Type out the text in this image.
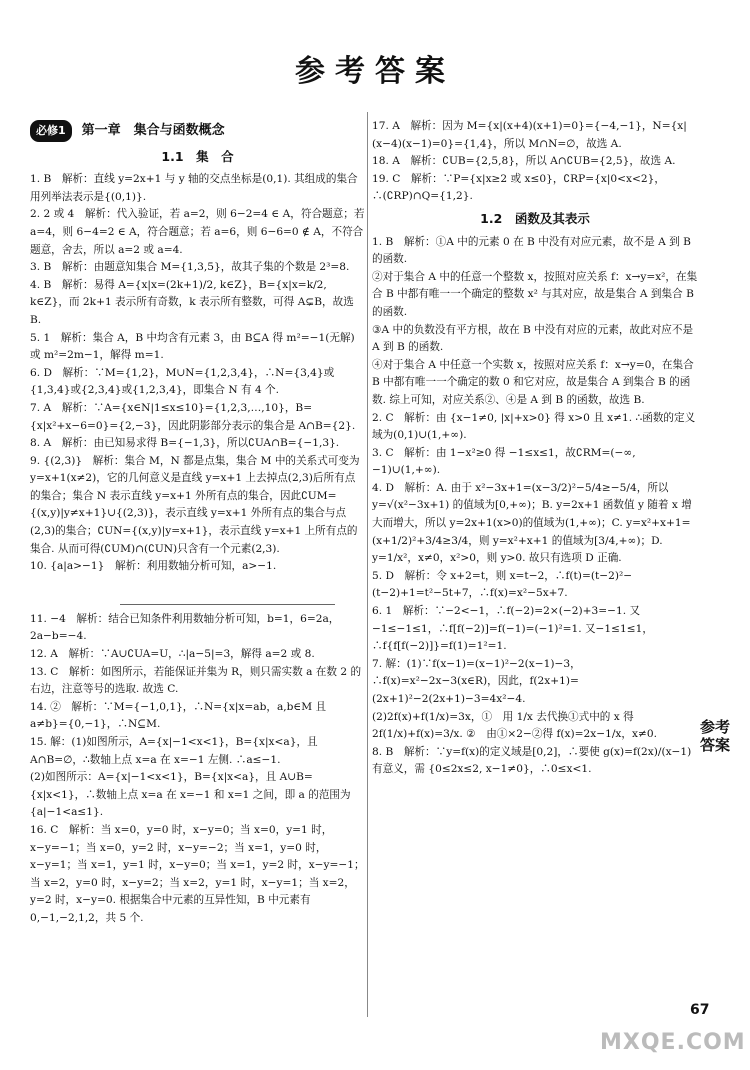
参考答案
必修1	第一章　集合与函数概念
1.1　集　合

1. B　解析：直线 y=2x+1 与 y 轴的交点坐标是(0,1). 其组成的集合用列举法表示是{(0,1)}.

2. 2 或 4　解析：代入验证，若 a=2，则 6−2=4 ∈ A，符合题意；若 a=4，则 6−4=2 ∈ A，符合题意；若 a=6，则 6−6=0 ∉ A，不符合题意，舍去，所以 a=2 或 a=4.

3. B　解析：由题意知集合 M={1,3,5}，故其子集的个数是 2³=8.

4. B　解析：易得 A={x|x=(2k+1)/2, k∈Z}，B={x|x=k/2, k∈Z}，而 2k+1 表示所有奇数，k 表示所有整数，可得 A⊊B，故选 B.

5. 1　解析：集合 A，B 中均含有元素 3，由 B⊆A 得 m²=−1(无解)或 m²=2m−1，解得 m=1.

6. D　解析：∵M={1,2}，M∪N={1,2,3,4}，∴N={3,4}或{1,3,4}或{2,3,4}或{1,2,3,4}，即集合 N 有 4 个.

7. A　解析：∵A={x∈N|1≤x≤10}={1,2,3,…,10}，B={x|x²+x−6=0}={2,−3}，因此阴影部分表示的集合是 A∩B={2}.

8. A　解析：由已知易求得 B={−1,3}，所以∁UA∩B={−1,3}.

9. {(2,3)}　解析：集合 M，N 都是点集，集合 M 中的关系式可变为 y=x+1(x≠2)，它的几何意义是直线 y=x+1 上去掉点(2,3)后所有点的集合；集合 N 表示直线 y=x+1 外所有点的集合，因此∁UM={(x,y)|y≠x+1}∪{(2,3)}，表示直线 y=x+1 外所有点的集合与点(2,3)的集合；∁UN={(x,y)|y=x+1}，表示直线 y=x+1 上所有点的集合. 从而可得(∁UM)∩(∁UN)只含有一个元素(2,3).

10. {a|a>−1}　解析：利用数轴分析可知，a>−1.

11. −4　解析：结合已知条件利用数轴分析可知，b=1，6=2a，2a−b=−4.

12. A　解析：∵A∪∁UA=U，∴|a−5|=3，解得 a=2 或 8.

13. C　解析：如图所示，若能保证并集为 R，则只需实数 a 在数 2 的右边，注意等号的选取. 故选 C.

14. ②　解析：∵M={−1,0,1}，∴N={x|x=ab，a,b∈M 且 a≠b}={0,−1}，∴N⊆M.

15. 解：(1)如图所示，A={x|−1<x<1}，B={x|x<a}，且 A∩B=∅，∴数轴上点 x=a 在 x=−1 左侧. ∴a≤−1.

(2)如图所示：A={x|−1<x<1}，B={x|x<a}，且 A∪B={x|x<1}，∴数轴上点 x=a 在 x=−1 和 x=1 之间，即 a 的范围为{a|−1<a≤1}.

16. C　解析：当 x=0，y=0 时，x−y=0；当 x=0，y=1 时，x−y=−1；当 x=0，y=2 时，x−y=−2；当 x=1，y=0 时，x−y=1；当 x=1，y=1 时，x−y=0；当 x=1，y=2 时，x−y=−1；当 x=2，y=0 时，x−y=2；当 x=2，y=1 时，x−y=1；当 x=2，y=2 时，x−y=0. 根据集合中元素的互异性知，B 中元素有 0,−1,−2,1,2，共 5 个.

17. A　解析：因为 M={x|(x+4)(x+1)=0}={−4,−1}，N={x|(x−4)(x−1)=0}={1,4}，所以 M∩N=∅，故选 A.

18. A　解析：∁UB={2,5,8}，所以 A∩∁UB={2,5}，故选 A.

19. C　解析：∵P={x|x≥2 或 x≤0}，∁RP={x|0<x<2}，∴(∁RP)∩Q={1,2}.

1.2　函数及其表示

1. B　解析：①A 中的元素 0 在 B 中没有对应元素，故不是 A 到 B 的函数.

②对于集合 A 中的任意一个整数 x，按照对应关系 f：x→y=x²，在集合 B 中都有唯一一个确定的整数 x² 与其对应，故是集合 A 到集合 B 的函数.

③A 中的负数没有平方根，故在 B 中没有对应的元素，故此对应不是 A 到 B 的函数.

④对于集合 A 中任意一个实数 x，按照对应关系 f：x→y=0，在集合 B 中都有唯一一个确定的数 0 和它对应，故是集合 A 到集合 B 的函数. 综上可知，对应关系②、④是 A 到 B 的函数，故选 B.

2. C　解析：由 {x−1≠0, |x|+x>0} 得 x>0 且 x≠1. ∴函数的定义域为(0,1)∪(1,+∞).

3. C　解析：由 1−x²≥0 得 −1≤x≤1，故∁RM=(−∞,−1)∪(1,+∞).

4. D　解析：A. 由于 x²−3x+1=(x−3/2)²−5/4≥−5/4，所以 y=√(x²−3x+1) 的值域为[0,+∞)；B. y=2x+1 函数值 y 随着 x 增大而增大，所以 y=2x+1(x>0)的值域为(1,+∞)；C. y=x²+x+1=(x+1/2)²+3/4≥3/4，则 y=x²+x+1 的值域为[3/4,+∞)；D. y=1/x²，x≠0，x²>0，则 y>0. 故只有选项 D 正确.

5. D　解析：令 x+2=t，则 x=t−2，∴f(t)=(t−2)²−(t−2)+1=t²−5t+7，∴f(x)=x²−5x+7.

6. 1　解析：∵−2<−1，∴f(−2)=2×(−2)+3=−1. 又−1≤−1≤1，∴f[f(−2)]=f(−1)=(−1)²=1. 又−1≤1≤1，∴f{f[f(−2)]}=f(1)=1²=1.

7. 解：(1)∵f(x−1)=(x−1)²−2(x−1)−3，∴f(x)=x²−2x−3(x∈R)，因此，f(2x+1)=(2x+1)²−2(2x+1)−3=4x²−4.

(2)2f(x)+f(1/x)=3x，①　用 1/x 去代换①式中的 x 得 2f(1/x)+f(x)=3/x. ②　由①×2−②得 f(x)=2x−1/x，x≠0.

8. B　解析：∵y=f(x)的定义域是[0,2]，∴要使 g(x)=f(2x)/(x−1) 有意义，需 {0≤2x≤2, x−1≠0}，∴0≤x<1.

参考答案
67
MXQE.COM
